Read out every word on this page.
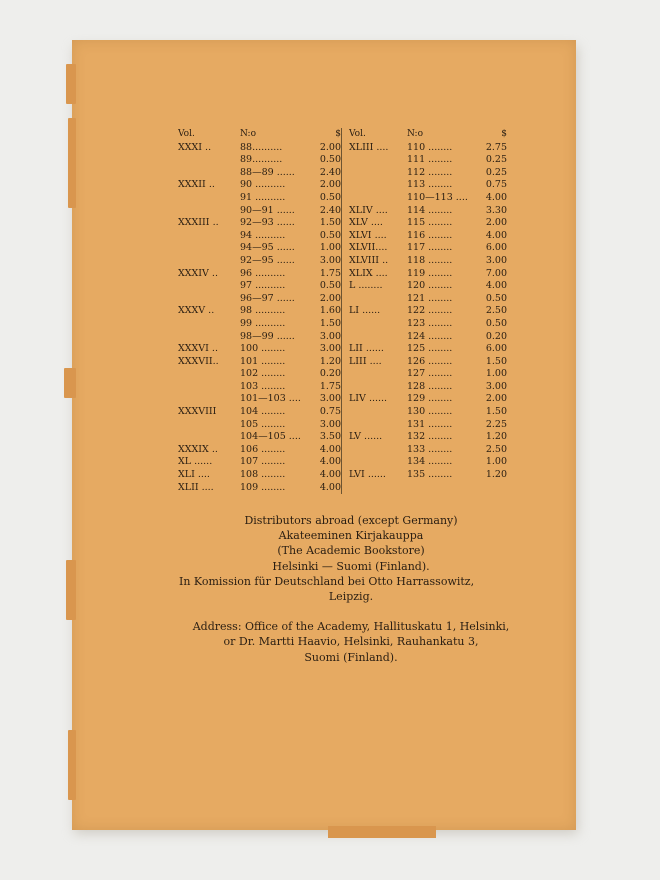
Vol.	N:o	$
XXXI ..	88..........	2.00
89..........	0.50
88—89 ......	2.40
XXXII ..	90 ..........	2.00
91 ..........	0.50
90—91 ......	2.40
XXXIII ..	92—93 ......	1.50
94 ..........	0.50
94—95 ......	1.00
92—95 ......	3.00
XXXIV ..	96 ..........	1.75
97 ..........	0.50
96—97 ......	2.00
XXXV ..	98 ..........	1.60
99 ..........	1.50
98—99 ......	3.00
XXXVI ..	100 ........	3.00
XXXVII..	101 ........	1.20
102 ........	0.20
103 ........	1.75
101—103 ....	3.00
XXXVIII	104 ........	0.75
105 ........	3.00
104—105 ....	3.50
XXXIX ..	106 ........	4.00
XL ......	107 ........	4.00
XLI ....	108 ........	4.00
XLII ....	109 ........	4.00
Vol.	N:o	$
XLIII ....	110 ........	2.75
111 ........	0.25
112 ........	0.25
113 ........	0.75
110—113 ....	4.00
XLIV ....	114 ........	3.30
XLV ....	115 ........	2.00
XLVI ....	116 ........	4.00
XLVII....	117 ........	6.00
XLVIII ..	118 ........	3.00
XLIX ....	119 ........	7.00
L ........	120 ........	4.00
121 ........	0.50
LI ......	122 ........	2.50
123 ........	0.50
124 ........	0.20
LII ......	125 ........	6.00
LIII ....	126 ........	1.50
127 ........	1.00
128 ........	3.00
LIV ......	129 ........	2.00
130 ........	1.50
131 ........	2.25
LV ......	132 ........	1.20
133 ........	2.50
134 ........	1.00
LVI ......	135 ........	1.20
Distributors abroad (except Germany)
Akateeminen Kirjakauppa
(The Academic Bookstore)
Helsinki — Suomi (Finland).
In Komission für Deutschland bei Otto Harrassowitz,
Leipzig.
Address: Office of the Academy, Hallituskatu 1, Helsinki,
or Dr. Martti Haavio, Helsinki, Rauhankatu 3,
Suomi (Finland).
